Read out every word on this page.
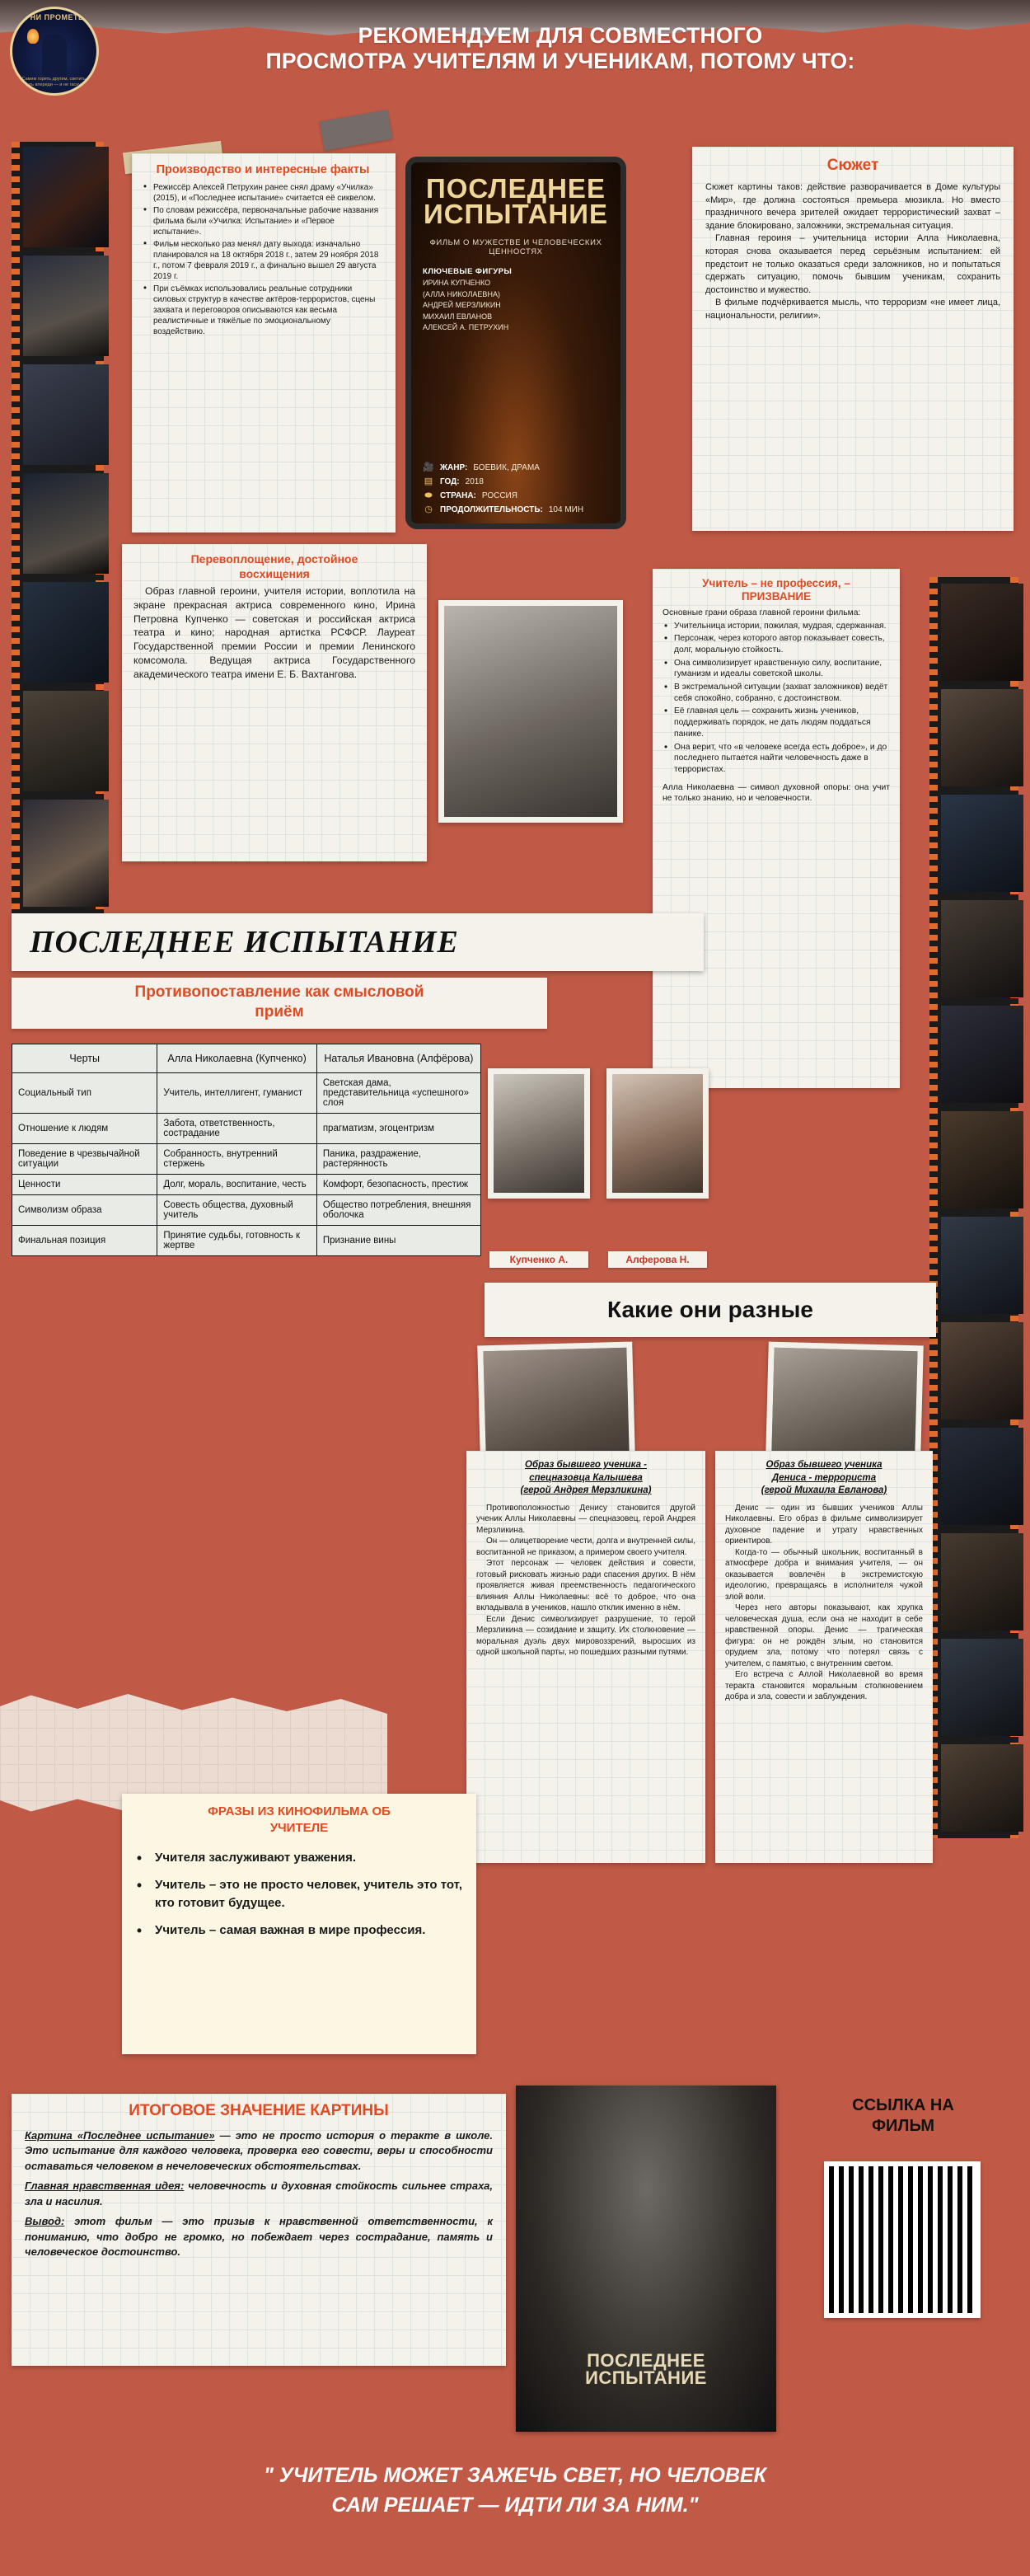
ОГНИ ПРОМЕТЕЯ
Самим гореть другим, светить, быть впереди — и не гаснуть
РЕКОМЕНДУЕМ ДЛЯ СОВМЕСТНОГО
ПРОСМОТРА УЧИТЕЛЯМ И УЧЕНИКАМ, ПОТОМУ ЧТО:
Производство и интересные факты
• Режиссёр Алексей Петрухин ранее снял драму «Училка» (2015), и «Последнее испытание» считается её сиквелом.
• По словам режиссёра, первоначальные рабочие названия фильма были «Училка: Испытание» и «Первое испытание».
• Фильм несколько раз менял дату выхода: изначально планировался на 18 октября 2018 г., затем 29 ноября 2018 г., потом 7 февраля 2019 г., а финально вышел 29 августа 2019 г.
• При съёмках использовались реальные сотрудники силовых структур в качестве актёров-террористов, сцены захвата и переговоров описываются как весьма реалистичные и тяжёлые по эмоциональному воздействию.
ПОСЛЕДНЕЕ
ИСПЫТАНИЕ
ФИЛЬМ О МУЖЕСТВЕ И ЧЕЛОВЕЧЕСКИХ ЦЕННОСТЯХ
КЛЮЧЕВЫЕ ФИГУРЫ
ИРИНА КУПЧЕНКО
(АЛЛА НИКОЛАЕВНА)
АНДРЕЙ МЕРЗЛИКИН
МИХАИЛ ЕВЛАНОВ
АЛЕКСЕЙ А. ПЕТРУХИН
🎥 ЖАНР: БОЕВИК, ДРАМА
▤ ГОД: 2018
⬬ СТРАНА: РОССИЯ
◷ ПРОДОЛЖИТЕЛЬНОСТЬ: 104 МИН
Сюжет

Сюжет картины таков: действие разворачивается в Доме культуры «Мир», где должна состояться премьера мюзикла. Но вместо праздничного вечера зрителей ожидает террористический захват – здание блокировано, заложники, экстремальная ситуация.

Главная героиня – учительница истории Алла Николаевна, которая снова оказывается перед серьёзным испытанием: ей предстоит не только оказаться среди заложников, но и попытаться сдержать ситуацию, помочь бывшим ученикам, сохранить достоинство и мужество.

В фильме подчёркивается мысль, что терроризм «не имеет лица, национальности, религии».

Перевоплощение, достойное
восхищения
Образ главной героини, учителя истории, воплотила на экране прекрасная актриса современного кино, Ирина Петровна Купченко — советская и российская актриса театра и кино; народная артистка РСФСР. Лауреат Государственной премии России и премии Ленинского комсомола. Ведущая актриса Государственного академического театра имени Е. Б. Вахтангова.
Учитель – не профессия, –
ПРИЗВАНИЕ
Основные грани образа главной героини фильма:
• Учительница истории, пожилая, мудрая, сдержанная.
• Персонаж, через которого автор показывает совесть, долг, моральную стойкость.
• Она символизирует нравственную силу, воспитание, гуманизм и идеалы советской школы.
• В экстремальной ситуации (захват заложников) ведёт себя спокойно, собранно, с достоинством.
• Её главная цель — сохранить жизнь учеников, поддерживать порядок, не дать людям поддаться панике.
• Она верит, что «в человеке всегда есть доброе», и до последнего пытается найти человечность даже в террористах.
Алла Николаевна — символ духовной опоры: она учит не только знанию, но и человечности.
ПОСЛЕДНЕЕ ИСПЫТАНИЕ
Противопоставление как смысловой
приём
Черты	Алла Николаевна (Купченко)	Наталья Ивановна (Алфёрова)
Социальный тип	Учитель, интеллигент, гуманист	Светская дама, представительница «успешного» слоя
Отношение к людям	Забота, ответственность, сострадание	прагматизм, эгоцентризм
Поведение в чрезвычайной ситуации	Собранность, внутренний стержень	Паника, раздражение, растерянность
Ценности	Долг, мораль, воспитание, честь	Комфорт, безопасность, престиж
Символизм образа	Совесть общества, духовный учитель	Общество потребления, внешняя оболочка
Финальная позиция	Принятие судьбы, готовность к жертве	Признание вины
Купченко А.	Алферова Н.
Какие они разные
Образ бывшего ученика -
спецназовца Калышева
(герой Андрея Мерзликина)

Противоположностью Денису становится другой ученик Аллы Николаевны — спецназовец, герой Андрея Мерзликина.

Он — олицетворение чести, долга и внутренней силы, воспитанной не приказом, а примером своего учителя.

Этот персонаж — человек действия и совести, готовый рисковать жизнью ради спасения других. В нём проявляется живая преемственность педагогического влияния Аллы Николаевны: всё то доброе, что она вкладывала в учеников, нашло отклик именно в нём.

Если Денис символизирует разрушение, то герой Мерзликина — созидание и защиту. Их столкновение — моральная дуэль двух мировоззрений, выросших из одной школьной парты, но пошедших разными путями.

Образ бывшего ученика
Дениса - террориста
(герой Михаила Евланова)

Денис — один из бывших учеников Аллы Николаевны. Его образ в фильме символизирует духовное падение и утрату нравственных ориентиров.

Когда-то — обычный школьник, воспитанный в атмосфере добра и внимания учителя, — он оказывается вовлечён в экстремистскую идеологию, превращаясь в исполнителя чужой злой воли.

Через него авторы показывают, как хрупка человеческая душа, если она не находит в себе нравственной опоры. Денис — трагическая фигура: он не рождён злым, но становится орудием зла, потому что потерял связь с учителем, с памятью, с внутренним светом.

Его встреча с Аллой Николаевной во время теракта становится моральным столкновением добра и зла, совести и заблуждения.

ФРАЗЫ ИЗ КИНОФИЛЬМА ОБ
УЧИТЕЛЕ
• Учителя заслуживают уважения.
• Учитель – это не просто человек, учитель это тот, кто готовит будущее.
• Учитель – самая важная в мире профессия.
ИТОГОВОЕ ЗНАЧЕНИЕ КАРТИНЫ

Картина «Последнее испытание» — это не просто история о теракте в школе. Это испытание для каждого человека, проверка его совести, веры и способности оставаться человеком в нечеловеческих обстоятельствах.

Главная нравственная идея: человечность и духовная стойкость сильнее страха, зла и насилия.

Вывод: этот фильм — это призыв к нравственной ответственности, к пониманию, что добро не громко, но побеждает через сострадание, память и человеческое достоинство.

ПОСЛЕДНЕЕ
ИСПЫТАНИЕ
ССЫЛКА НА
ФИЛЬМ
" УЧИТЕЛЬ МОЖЕТ ЗАЖЕЧЬ СВЕТ, НО ЧЕЛОВЕК
САМ РЕШАЕТ — ИДТИ ЛИ ЗА НИМ."
